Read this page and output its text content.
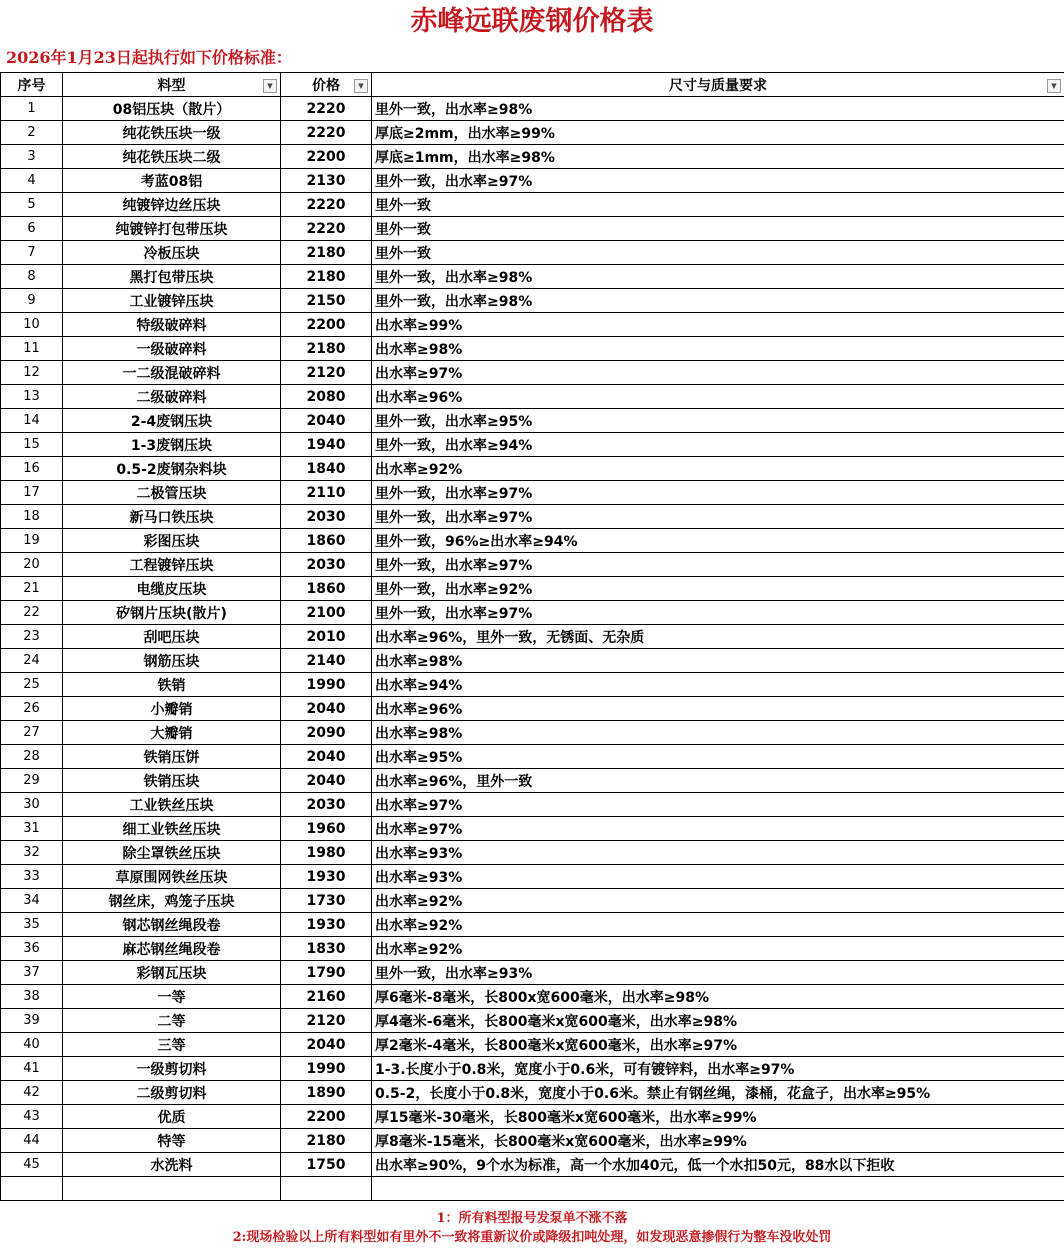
赤峰远联废钢价格表
2026年1月23日起执行如下价格标准：
序号	料型 ▼	价格 ▼	尺寸与质量要求 ▼

1	08铝压块（散片）	2220	里外一致，出水率≥98%
2	纯花铁压块一级	2220	厚底≥2mm，出水率≥99%
3	纯花铁压块二级	2200	厚底≥1mm，出水率≥98%
4	考蓝08铝	2130	里外一致，出水率≥97%
5	纯镀锌边丝压块	2220	里外一致
6	纯镀锌打包带压块	2220	里外一致
7	冷板压块	2180	里外一致
8	黑打包带压块	2180	里外一致，出水率≥98%
9	工业镀锌压块	2150	里外一致，出水率≥98%
10	特级破碎料	2200	出水率≥99%
11	一级破碎料	2180	出水率≥98%
12	一二级混破碎料	2120	出水率≥97%
13	二级破碎料	2080	出水率≥96%
14	2-4废钢压块	2040	里外一致，出水率≥95%
15	1-3废钢压块	1940	里外一致，出水率≥94%
16	0.5-2废钢杂料块	1840	出水率≥92%
17	二极管压块	2110	里外一致，出水率≥97%
18	新马口铁压块	2030	里外一致，出水率≥97%
19	彩图压块	1860	里外一致，96%≥出水率≥94%
20	工程镀锌压块	2030	里外一致，出水率≥97%
21	电缆皮压块	1860	里外一致，出水率≥92%
22	矽钢片压块(散片)	2100	里外一致，出水率≥97%
23	刮吧压块	2010	出水率≥96%，里外一致，无锈面、无杂质
24	钢筋压块	2140	出水率≥98%
25	铁销	1990	出水率≥94%
26	小瓣销	2040	出水率≥96%
27	大瓣销	2090	出水率≥98%
28	铁销压饼	2040	出水率≥95%
29	铁销压块	2040	出水率≥96%，里外一致
30	工业铁丝压块	2030	出水率≥97%
31	细工业铁丝压块	1960	出水率≥97%
32	除尘罩铁丝压块	1980	出水率≥93%
33	草原围网铁丝压块	1930	出水率≥93%
34	钢丝床，鸡笼子压块	1730	出水率≥92%
35	钢芯钢丝绳段卷	1930	出水率≥92%
36	麻芯钢丝绳段卷	1830	出水率≥92%
37	彩钢瓦压块	1790	里外一致，出水率≥93%
38	一等	2160	厚6毫米-8毫米，长800x宽600毫米，出水率≥98%
39	二等	2120	厚4毫米-6毫米，长800毫米x宽600毫米，出水率≥98%
40	三等	2040	厚2毫米-4毫米，长800毫米x宽600毫米，出水率≥97%
41	一级剪切料	1990	1-3.长度小于0.8米，宽度小于0.6米，可有镀锌料，出水率≥97%
42	二级剪切料	1890	0.5-2，长度小于0.8米，宽度小于0.6米。禁止有钢丝绳，漆桶，花盒子，出水率≥95%
43	优质	2200	厚15毫米-30毫米，长800毫米x宽600毫米，出水率≥99%
44	特等	2180	厚8毫米-15毫米，长800毫米x宽600毫米，出水率≥99%
45	水洗料	1750	出水率≥90%，9个水为标准，高一个水加40元，低一个水扣50元，88水以下拒收

1：所有料型报号发泵单不涨不落
2:现场检验以上所有料型如有里外不一致将重新议价或降级扣吨处理，如发现恶意掺假行为整车没收处罚
